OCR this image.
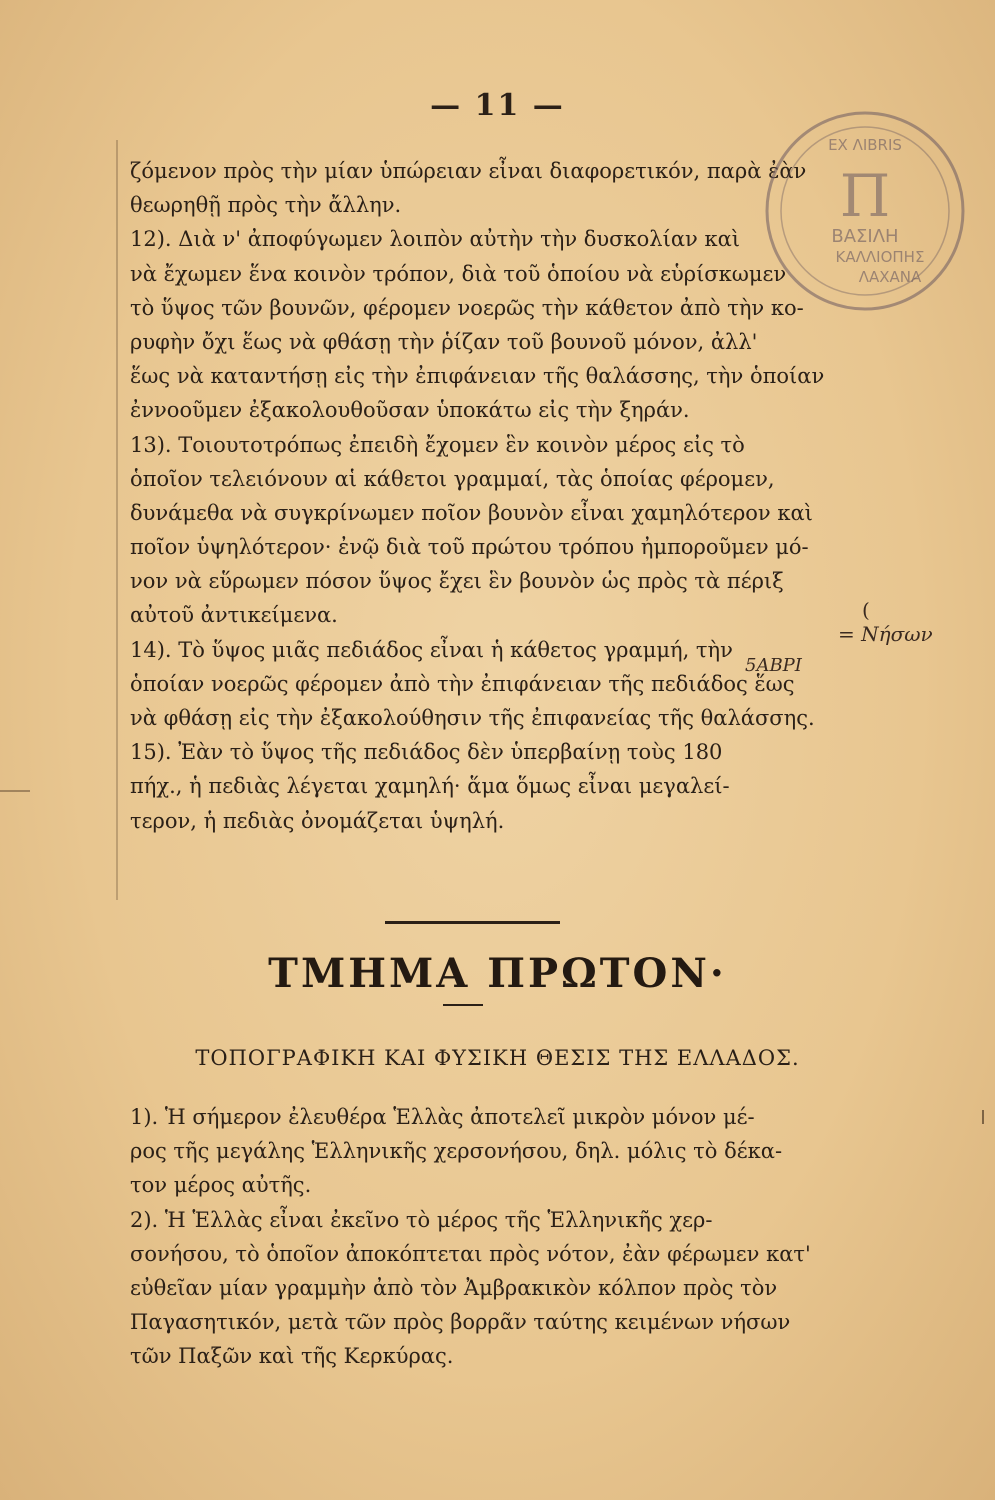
— 11 —
ζόμενον πρὸς τὴν μίαν ὑπώρειαν εἶναι διαφορετικόν, παρὰ ἐὰν
θεωρηθῇ πρὸς τὴν ἄλλην.
12). Διὰ ν' ἀποφύγωμεν λοιπὸν αὐτὴν τὴν δυσκολίαν καὶ
νὰ ἔχωμεν ἕνα κοινὸν τρόπον, διὰ τοῦ ὁποίου νὰ εὑρίσκωμεν
τὸ ὕψος τῶν βουνῶν, φέρομεν νοερῶς τὴν κάθετον ἀπὸ τὴν κο-
ρυφὴν ὄχι ἕως νὰ φθάσῃ τὴν ῥίζαν τοῦ βουνοῦ μόνον, ἀλλ'
ἕως νὰ καταντήσῃ εἰς τὴν ἐπιφάνειαν τῆς θαλάσσης, τὴν ὁποίαν
ἐννοοῦμεν ἐξακολουθοῦσαν ὑποκάτω εἰς τὴν ξηράν.
13). Τοιουτοτρόπως ἐπειδὴ ἔχομεν ἓν κοινὸν μέρος εἰς τὸ
ὁποῖον τελειόνουν αἱ κάθετοι γραμμαί, τὰς ὁποίας φέρομεν,
δυνάμεθα νὰ συγκρίνωμεν ποῖον βουνὸν εἶναι χαμηλότερον καὶ
ποῖον ὑψηλότερον· ἐνῷ διὰ τοῦ πρώτου τρόπου ἠμποροῦμεν μό-
νον νὰ εὕρωμεν πόσον ὕψος ἔχει ἓν βουνὸν ὡς πρὸς τὰ πέριξ
αὐτοῦ ἀντικείμενα.
14). Τὸ ὕψος μιᾶς πεδιάδος εἶναι ἡ κάθετος γραμμή, τὴν
ὁποίαν νοερῶς φέρομεν ἀπὸ τὴν ἐπιφάνειαν τῆς πεδιάδος ἕως
νὰ φθάσῃ εἰς τὴν ἐξακολούθησιν τῆς ἐπιφανείας τῆς θαλάσσης.
15). Ἐὰν τὸ ὕψος τῆς πεδιάδος δὲν ὑπερβαίνῃ τοὺς 180
πήχ., ἡ πεδιὰς λέγεται χαμηλή· ἅμα ὅμως εἶναι μεγαλεί-
τερον, ἡ πεδιὰς ὀνομάζεται ὑψηλή.
ΤΜΗΜΑ ΠΡΩΤΟΝ·
ΤΟΠΟΓΡΑΦΙΚΗ ΚΑΙ ΦΥΣΙΚΗ ΘΕΣΙΣ ΤΗΣ ΕΛΛΑΔΟΣ.
1). Ἡ σήμερον ἐλευθέρα Ἑλλὰς ἀποτελεῖ μικρὸν μόνον μέ-
ρος τῆς μεγάλης Ἑλληνικῆς χερσονήσου, δηλ. μόλις τὸ δέκα-
τον μέρος αὐτῆς.
2). Ἡ Ἑλλὰς εἶναι ἐκεῖνο τὸ μέρος τῆς Ἑλληνικῆς χερ-
σονήσου, τὸ ὁποῖον ἀποκόπτεται πρὸς νότον, ἐὰν φέρωμεν κατ'
εὐθεῖαν μίαν γραμμὴν ἀπὸ τὸν Ἀμβρακικὸν κόλπον πρὸς τὸν
Παγασητικόν, μετὰ τῶν πρὸς βορρᾶν ταύτης κειμένων νήσων
τῶν Παξῶν καὶ τῆς Κερκύρας.
ΕΧ ΛΙΒRIS
Π
ΒΑΣΙΛΗ
ΚΑΛΛΙΟΠΗΣ
ΛΑΧΑΝΑ
(
= Νήσων
5ΑΒΡΙ
